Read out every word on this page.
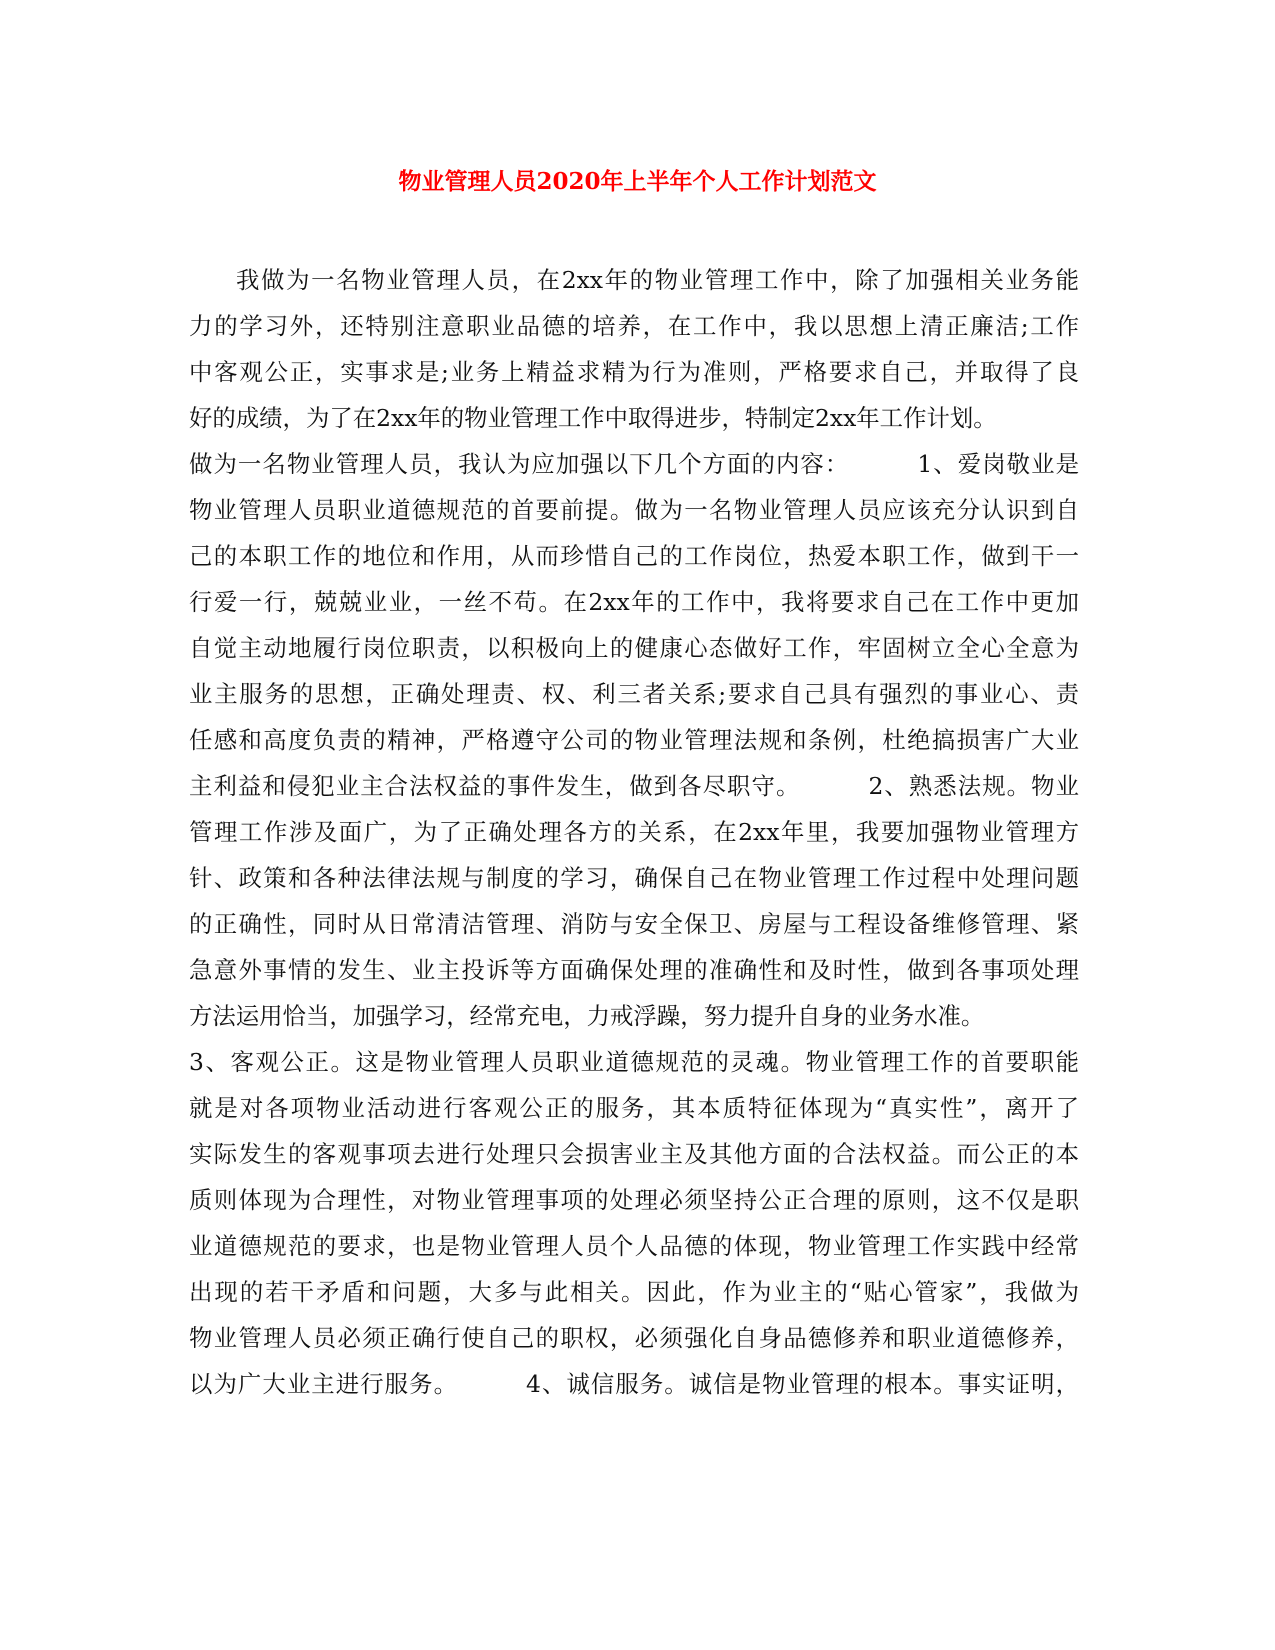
物业管理人员2020年上半年个人工作计划范文
我做为一名物业管理人员，在2xx年的物业管理工作中，除了加强相关业务能
力的学习外，还特别注意职业品德的培养，在工作中，我以思想上清正廉洁;工作
中客观公正，实事求是;业务上精益求精为行为准则，严格要求自己，并取得了良
好的成绩，为了在2xx年的物业管理工作中取得进步，特制定2xx年工作计划。
做为一名物业管理人员，我认为应加强以下几个方面的内容：        1、爱岗敬业是
物业管理人员职业道德规范的首要前提。做为一名物业管理人员应该充分认识到自
己的本职工作的地位和作用，从而珍惜自己的工作岗位，热爱本职工作，做到干一
行爱一行，兢兢业业，一丝不苟。在2xx年的工作中，我将要求自己在工作中更加
自觉主动地履行岗位职责，以积极向上的健康心态做好工作，牢固树立全心全意为
业主服务的思想，正确处理责、权、利三者关系;要求自己具有强烈的事业心、责
任感和高度负责的精神，严格遵守公司的物业管理法规和条例，杜绝搞损害广大业
主利益和侵犯业主合法权益的事件发生，做到各尽职守。        2、熟悉法规。物业
管理工作涉及面广，为了正确处理各方的关系，在2xx年里，我要加强物业管理方
针、政策和各种法律法规与制度的学习，确保自己在物业管理工作过程中处理问题
的正确性，同时从日常清洁管理、消防与安全保卫、房屋与工程设备维修管理、紧
急意外事情的发生、业主投诉等方面确保处理的准确性和及时性，做到各事项处理
方法运用恰当，加强学习，经常充电，力戒浮躁，努力提升自身的业务水准。
3、客观公正。这是物业管理人员职业道德规范的灵魂。物业管理工作的首要职能
就是对各项物业活动进行客观公正的服务，其本质特征体现为“真实性”，离开了
实际发生的客观事项去进行处理只会损害业主及其他方面的合法权益。而公正的本
质则体现为合理性，对物业管理事项的处理必须坚持公正合理的原则，这不仅是职
业道德规范的要求，也是物业管理人员个人品德的体现，物业管理工作实践中经常
出现的若干矛盾和问题，大多与此相关。因此，作为业主的“贴心管家”，我做为
物业管理人员必须正确行使自己的职权，必须强化自身品德修养和职业道德修养，
以为广大业主进行服务。        4、诚信服务。诚信是物业管理的根本。事实证明，
